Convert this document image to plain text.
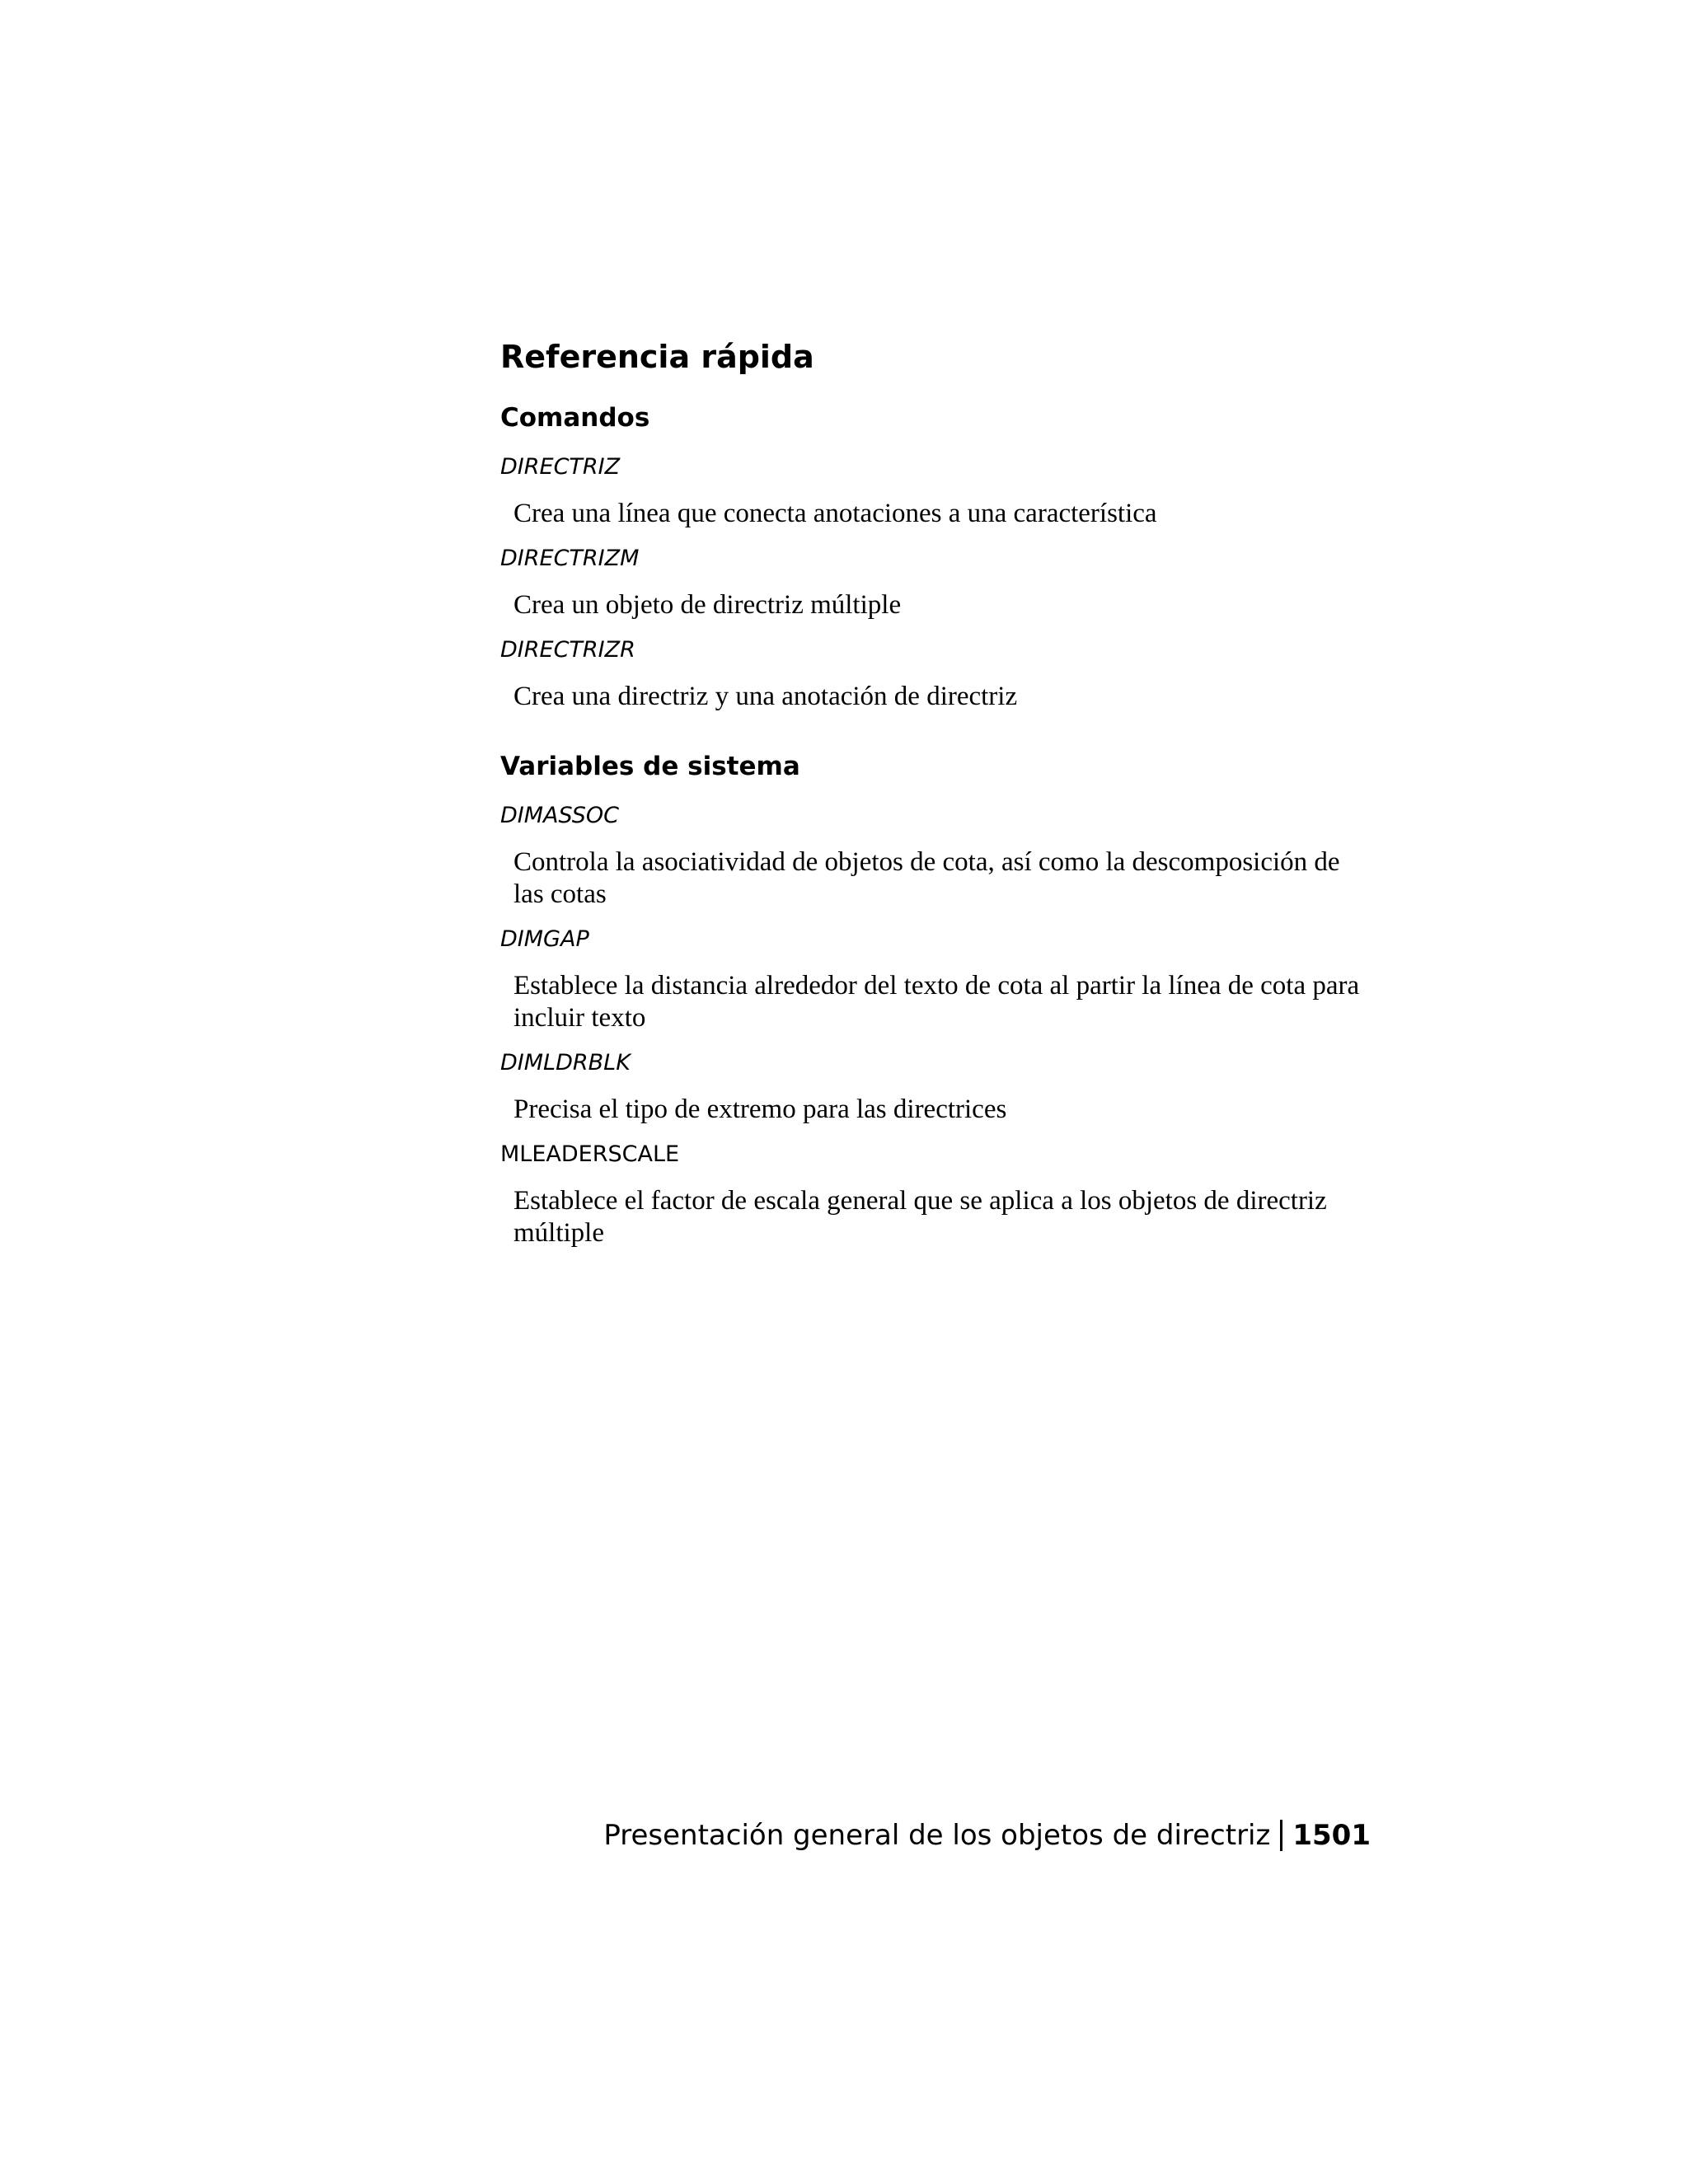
Referencia rápida
Comandos
DIRECTRIZ
Crea una línea que conecta anotaciones a una característica
DIRECTRIZM
Crea un objeto de directriz múltiple
DIRECTRIZR
Crea una directriz y una anotación de directriz
Variables de sistema
DIMASSOC
Controla la asociatividad de objetos de cota, así como la descomposición de las cotas
DIMGAP
Establece la distancia alrededor del texto de cota al partir la línea de cota para incluir texto
DIMLDRBLK
Precisa el tipo de extremo para las directrices
MLEADERSCALE
Establece el factor de escala general que se aplica a los objetos de directriz múltiple
Presentación general de los objetos de directriz 1501
